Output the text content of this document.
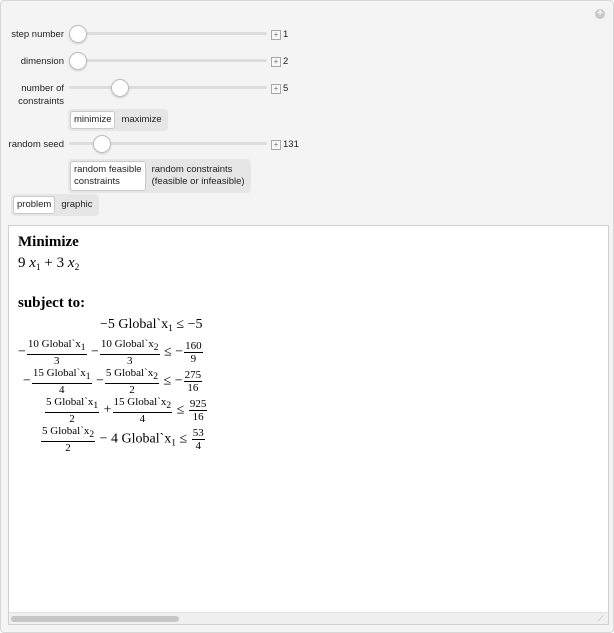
+
step number	+ 1
dimension	+ 2
number of
constraints
+ 5
minimize	maximize
random seed	+ 131
random feasible
constraints
random constraints
(feasible or infeasible)
problem	graphic
Minimize
9 $x_1 + 3$ $x_2$
subject to:
−5 $Global`x_1 \le -5$
− $\frac{\text{10 Global`x1}}{3} - \frac{\text{10 Global`x2}}{3}$ ≤ − $\frac{160}{9}$
− $\frac{\text{15 Global`x1}}{4} - \frac{\text{5 Global`x2}}{2}$ ≤ − $\frac{275}{16}$
$\frac{\text{5 Global`x1}}{2} + \frac{\text{15 Global`x2}}{4} \le \frac{925}{16}$
$\frac{\text{5 Global`x2}}{2} - 4$ $Global`x_1 \le \frac{53}{4}$
⟋
